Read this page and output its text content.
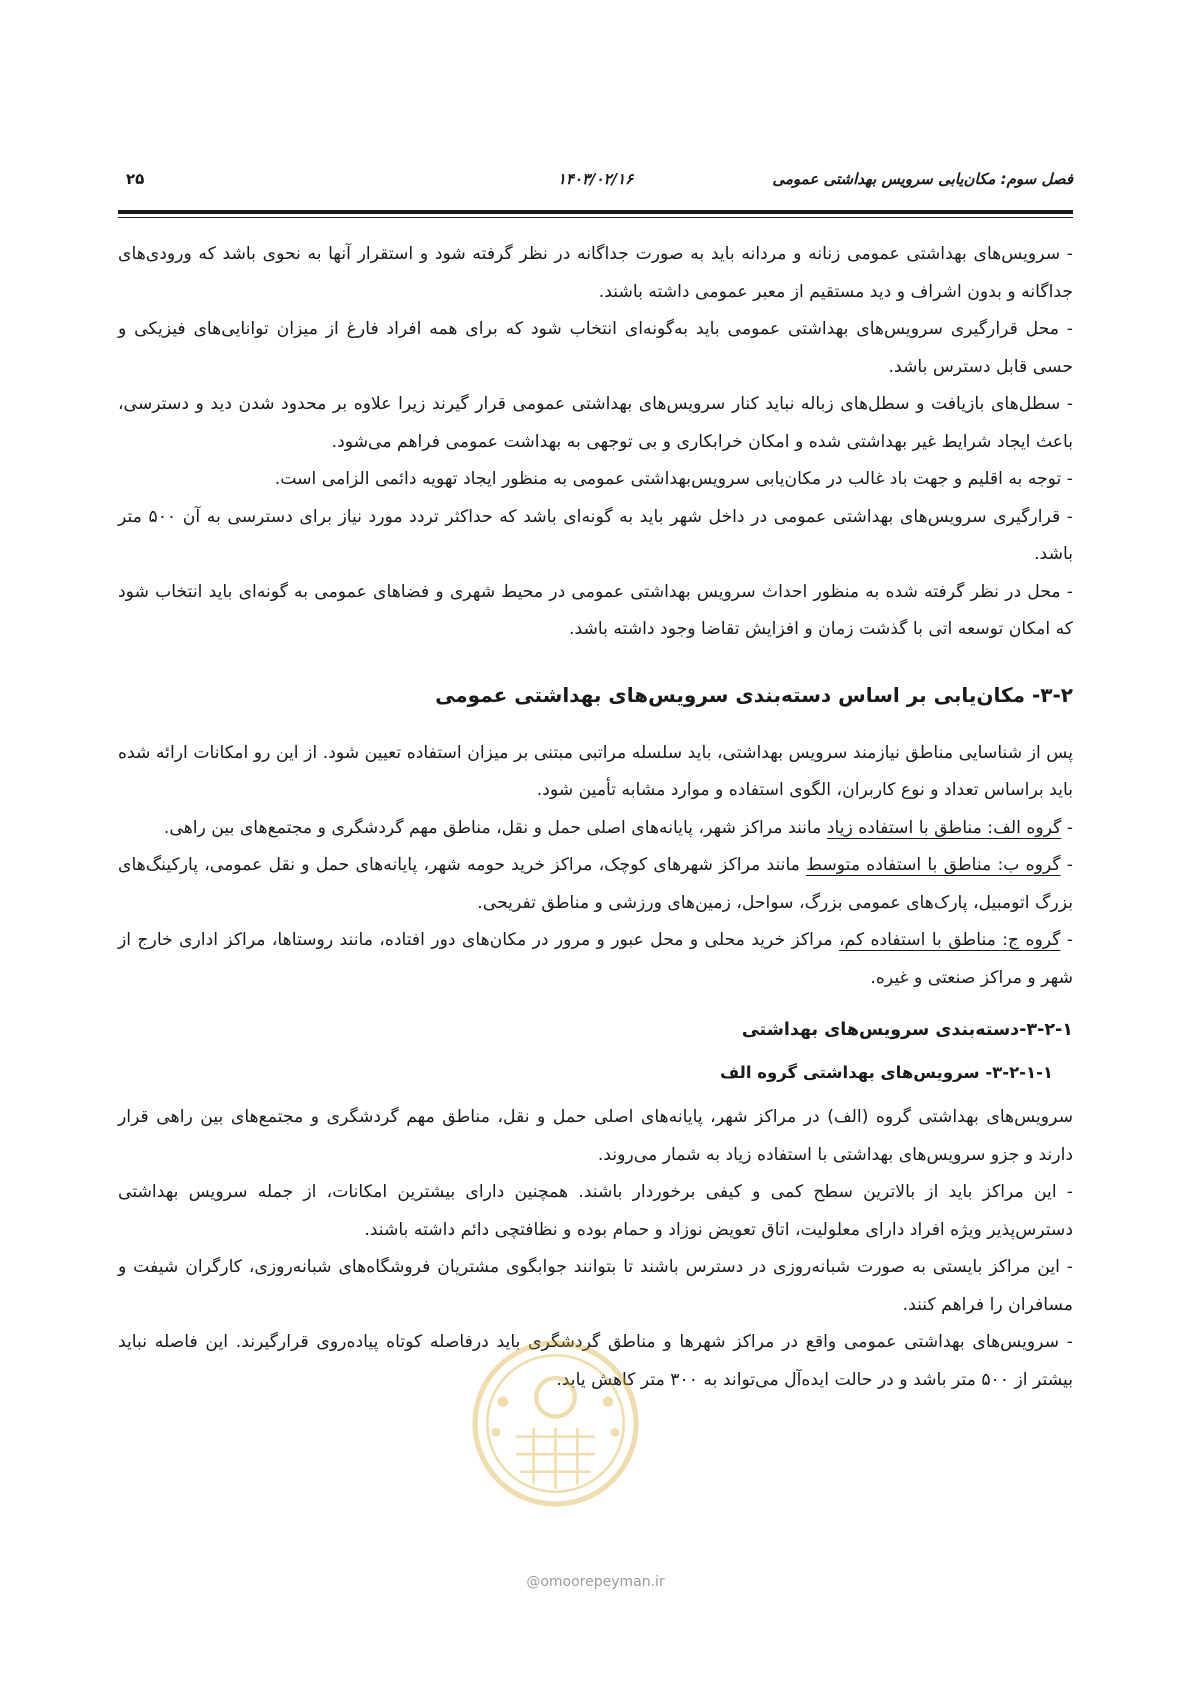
فصل سوم: مکان‌یابی سرویس بهداشتی عمومی
۱۴۰۳/۰۲/۱۶
۲۵

- سرویس‌های بهداشتی عمومی زنانه و مردانه باید به صورت جداگانه در نظر گرفته شود و استقرار آنها به نحوی باشد که ورودی‌های جداگانه و بدون اشراف و دید مستقیم از معبر عمومی داشته باشند.

- محل قرارگیری سرویس‌های بهداشتی عمومی باید به‌گونه‌ای انتخاب شود که برای همه افراد فارغ از میزان توانایی‌های فیزیکی و حسی قابل دسترس باشد.

- سطل‌های بازیافت و سطل‌های زباله نباید کنار سرویس‌های بهداشتی عمومی قرار گیرند زیرا علاوه بر محدود شدن دید و دسترسی، باعث ایجاد شرایط غیر بهداشتی شده و امکان خرابکاری و بی توجهی به بهداشت عمومی فراهم می‌شود.

- توجه به اقلیم و جهت باد غالب در مکان‌یابی سرویس‌بهداشتی عمومی به منظور ایجاد تهویه دائمی الزامی است.

- قرارگیری سرویس‌های بهداشتی عمومی در داخل شهر باید به گونه‌ای باشد که حداکثر تردد مورد نیاز برای دسترسی به آن ۵۰۰ متر باشد.

- محل در نظر گرفته شده به منظور احداث سرویس بهداشتی عمومی در محیط شهری و فضاهای عمومی به گونه‌ای باید انتخاب شود که امکان توسعه اتی با گذشت زمان و افزایش تقاضا وجود داشته باشد.

۳-۲- مکان‌یابی بر اساس دسته‌بندی سرویس‌های بهداشتی عمومی

پس از شناسایی مناطق نیازمند سرویس بهداشتی، باید سلسله مراتبی مبتنی بر میزان استفاده تعیین شود. از این رو امکانات ارائه شده باید براساس تعداد و نوع کاربران، الگوی استفاده و موارد مشابه تأمین شود.

- گروه الف: مناطق با استفاده زیاد مانند مراکز شهر، پایانه‌های اصلی حمل و نقل، مناطق مهم گردشگری و مجتمع‌های بین راهی.

- گروه ب: مناطق با استفاده متوسط مانند مراکز شهرهای کوچک، مراکز خرید حومه شهر، پایانه‌های حمل و نقل عمومی، پارکینگ‌های بزرگ اتومبیل، پارک‌های عمومی بزرگ، سواحل، زمین‌های ورزشی و مناطق تفریحی.

- گروه ج: مناطق با استفاده کم، مراکز خرید محلی و محل عبور و مرور در مکان‌های دور افتاده، مانند روستاها، مراکز اداری خارج از شهر و مراکز صنعتی و غیره.

۳-۲-۱-دسته‌بندی سرویس‌های بهداشتی
۳-۲-۱-۱- سرویس‌های بهداشتی گروه الف

سرویس‌های بهداشتی گروه (الف) در مراکز شهر، پایانه‌های اصلی حمل و نقل، مناطق مهم گردشگری و مجتمع‌های بین راهی قرار دارند و جزو سرویس‌های بهداشتی با استفاده زیاد به شمار می‌روند.

- این مراکز باید از بالاترین سطح کمی و کیفی برخوردار باشند. همچنین دارای بیشترین امکانات، از جمله سرویس بهداشتی دسترس‌پذیر ویژه افراد دارای معلولیت، اتاق تعویض نوزاد و حمام بوده و نظافتچی دائم داشته باشند.

- این مراکز بایستی به صورت شبانه‌روزی در دسترس باشند تا بتوانند جوابگوی مشتریان فروشگاه‌های شبانه‌روزی، کارگران شیفت و مسافران را فراهم کنند.

- سرویس‌های بهداشتی عمومی واقع در مراکز شهرها و مناطق گردشگری باید درفاصله کوتاه پیاده‌روی قرارگیرند. این فاصله نباید بیشتر از ۵۰۰ متر باشد و در حالت ایده‌آل می‌تواند به ۳۰۰ متر کاهش یابد.

@omoorepeyman.ir
